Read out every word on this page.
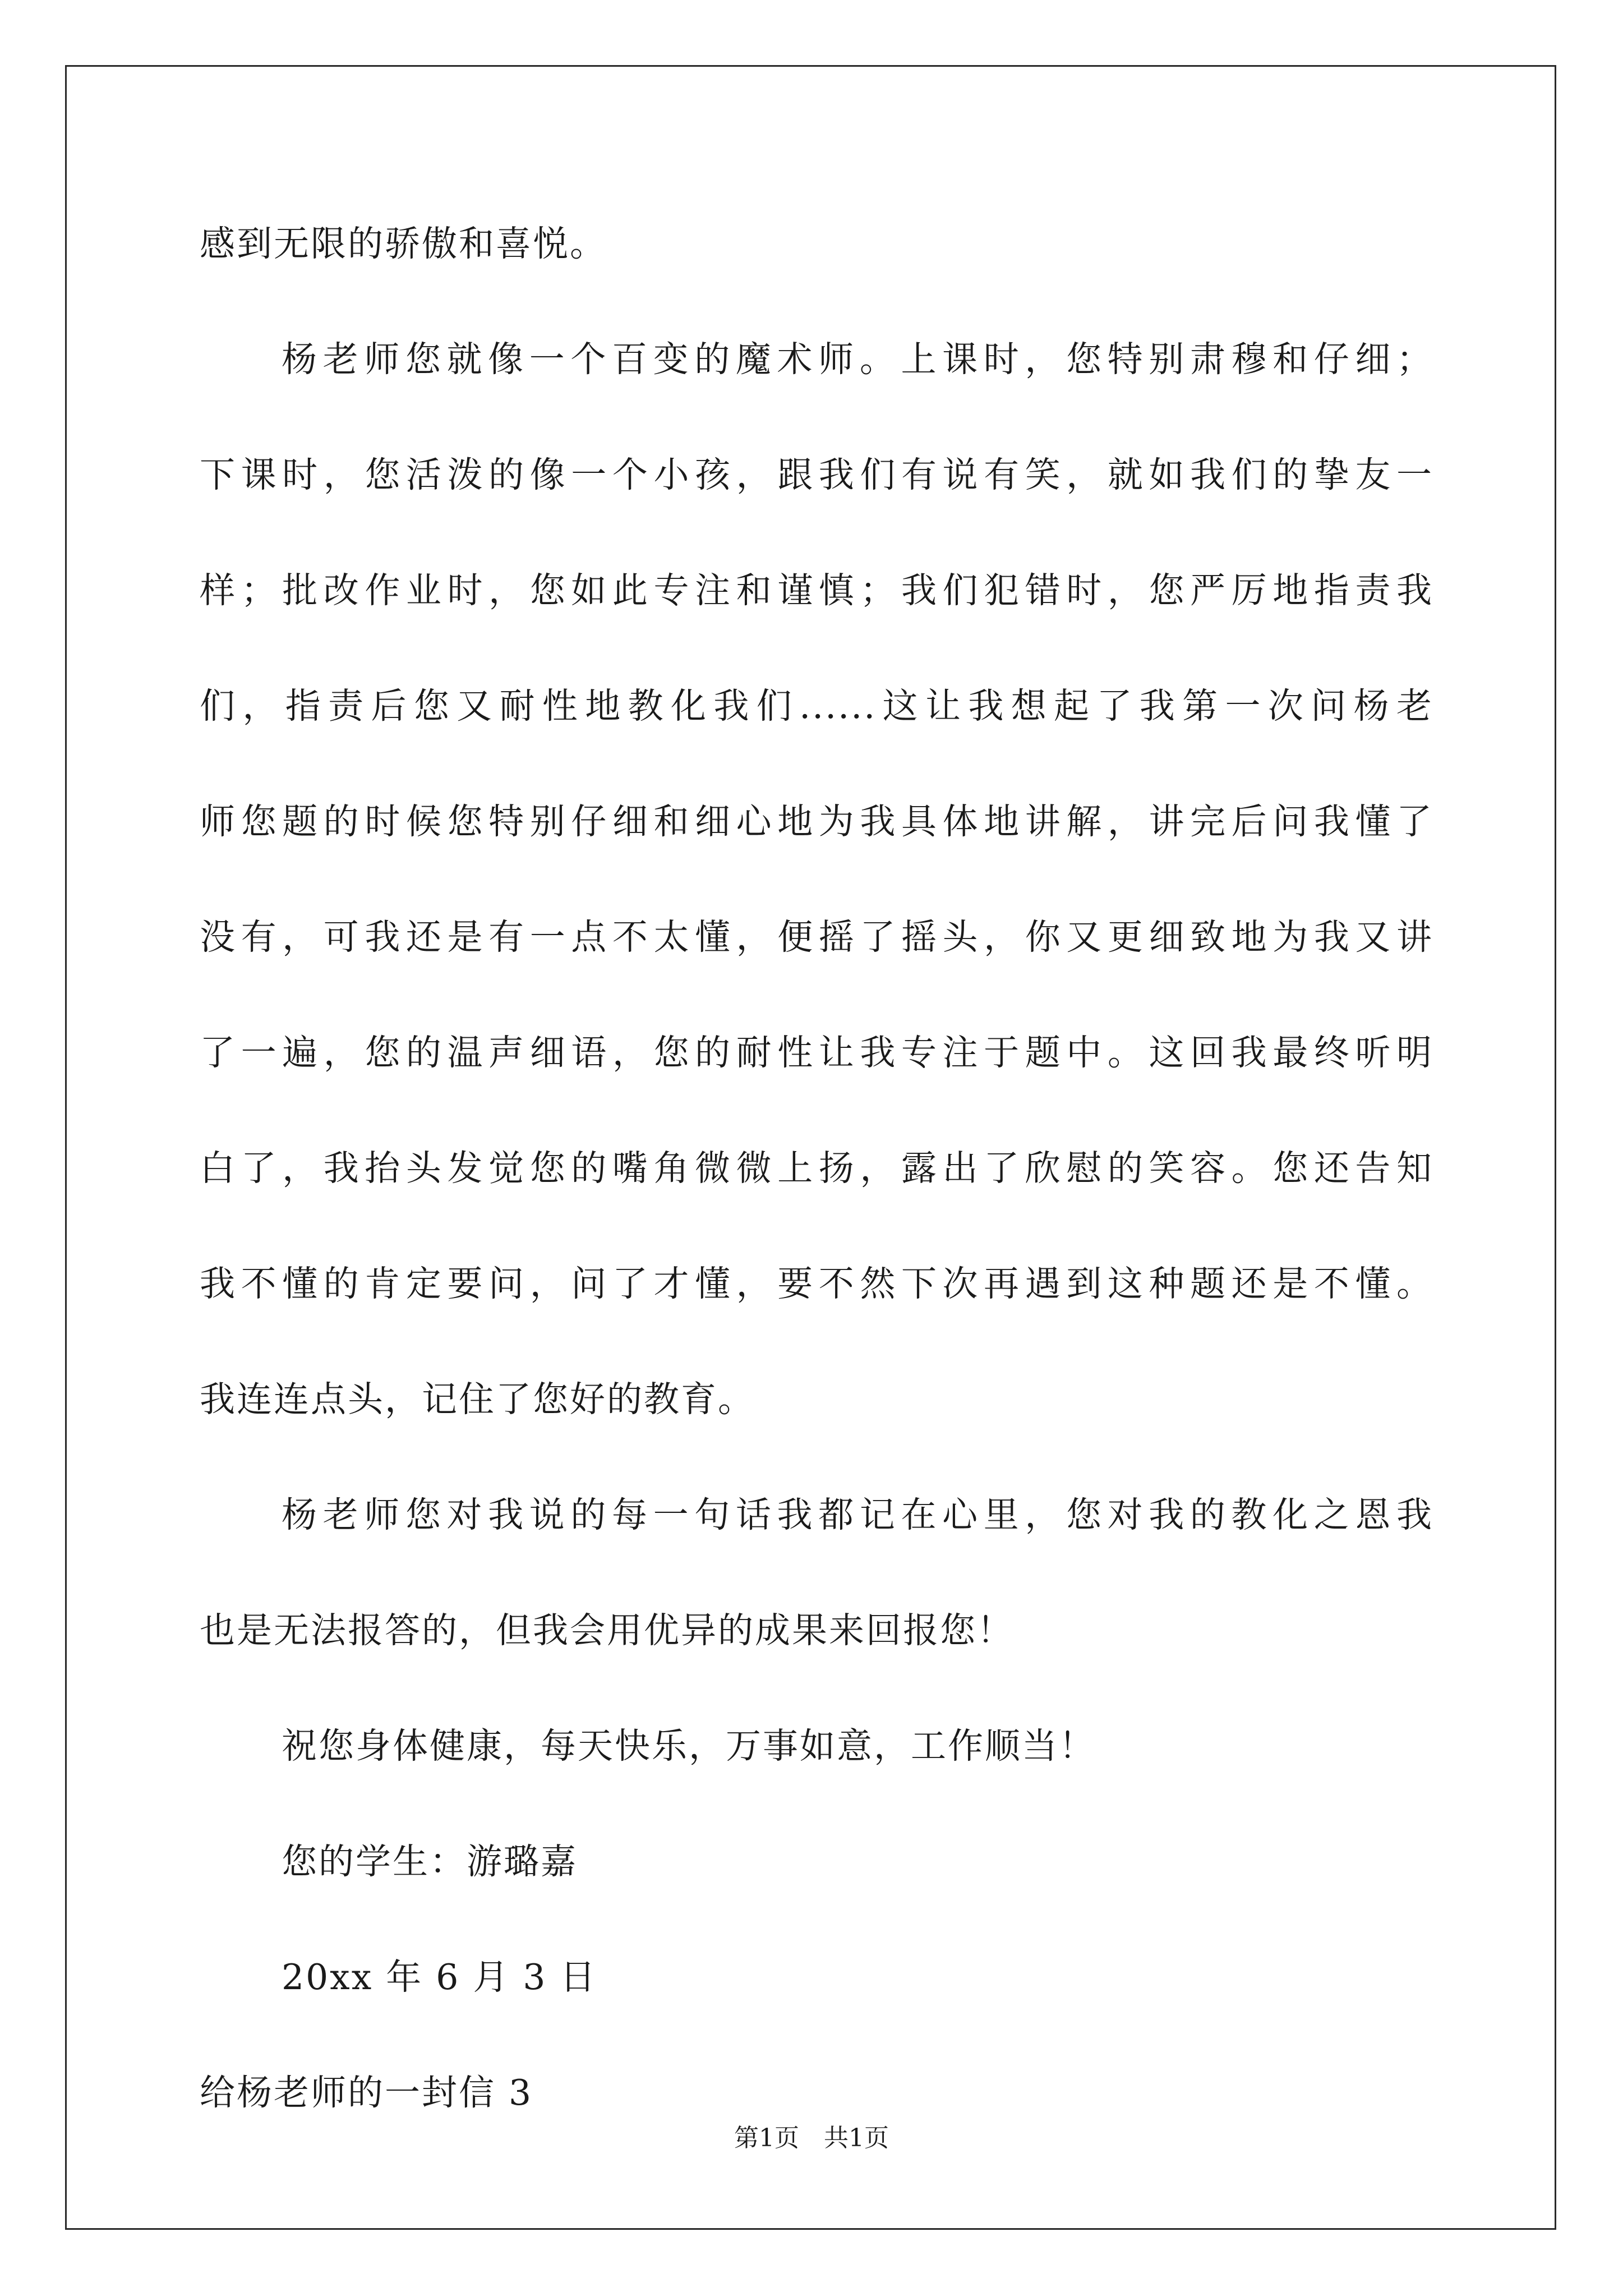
感到无限的骄傲和喜悦。
杨老师您就像一个百变的魔术师。上课时，您特别肃穆和仔细；
下课时，您活泼的像一个小孩，跟我们有说有笑，就如我们的挚友一
样；批改作业时，您如此专注和谨慎；我们犯错时，您严厉地指责我
们，指责后您又耐性地教化我们......这让我想起了我第一次问杨老
师您题的时候您特别仔细和细心地为我具体地讲解，讲完后问我懂了
没有，可我还是有一点不太懂，便摇了摇头，你又更细致地为我又讲
了一遍，您的温声细语，您的耐性让我专注于题中。这回我最终听明
白了，我抬头发觉您的嘴角微微上扬，露出了欣慰的笑容。您还告知
我不懂的肯定要问，问了才懂，要不然下次再遇到这种题还是不懂。
我连连点头，记住了您好的教育。
杨老师您对我说的每一句话我都记在心里，您对我的教化之恩我
也是无法报答的，但我会用优异的成果来回报您！
祝您身体健康，每天快乐，万事如意，工作顺当！
您的学生：游璐嘉
20xx 年 6 月 3 日
给杨老师的一封信 3
第1页　共1页
